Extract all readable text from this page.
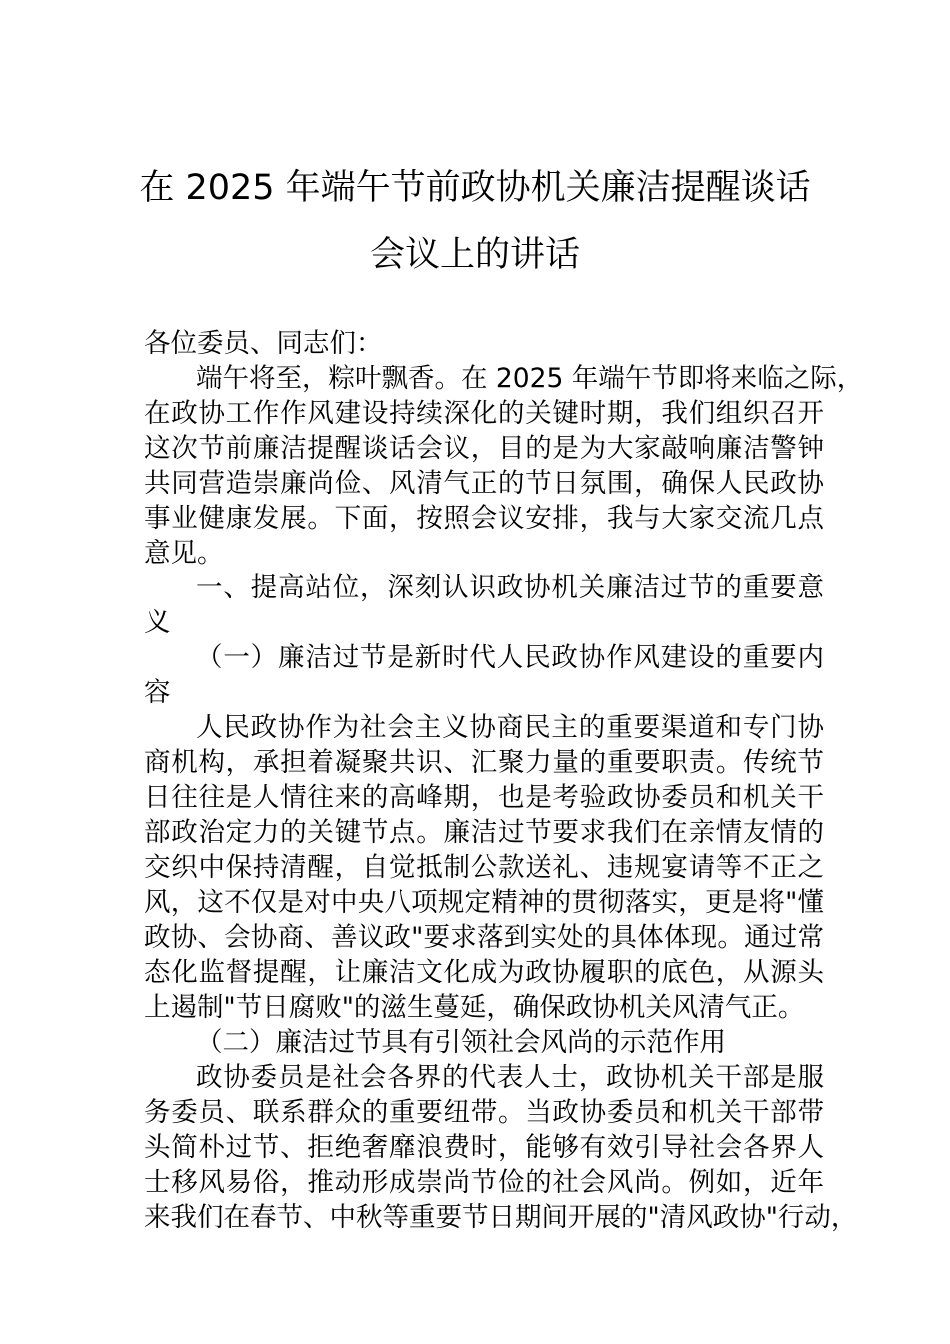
在 2025 年端午节前政协机关廉洁提醒谈话
会议上的讲话
各位委员、同志们：
端午将至，粽叶飘香。在 2025 年端午节即将来临之际，
在政协工作作风建设持续深化的关键时期，我们组织召开
这次节前廉洁提醒谈话会议，目的是为大家敲响廉洁警钟
共同营造崇廉尚俭、风清气正的节日氛围，确保人民政协
事业健康发展。下面，按照会议安排，我与大家交流几点
意见。
一、提高站位，深刻认识政协机关廉洁过节的重要意
义
（一）廉洁过节是新时代人民政协作风建设的重要内
容
人民政协作为社会主义协商民主的重要渠道和专门协
商机构，承担着凝聚共识、汇聚力量的重要职责。传统节
日往往是人情往来的高峰期，也是考验政协委员和机关干
部政治定力的关键节点。廉洁过节要求我们在亲情友情的
交织中保持清醒，自觉抵制公款送礼、违规宴请等不正之
风，这不仅是对中央八项规定精神的贯彻落实，更是将"懂
政协、会协商、善议政"要求落到实处的具体体现。通过常
态化监督提醒，让廉洁文化成为政协履职的底色，从源头
上遏制"节日腐败"的滋生蔓延，确保政协机关风清气正。
（二）廉洁过节具有引领社会风尚的示范作用
政协委员是社会各界的代表人士，政协机关干部是服
务委员、联系群众的重要纽带。当政协委员和机关干部带
头简朴过节、拒绝奢靡浪费时，能够有效引导社会各界人
士移风易俗，推动形成崇尚节俭的社会风尚。例如，近年
来我们在春节、中秋等重要节日期间开展的"清风政协"行动，
